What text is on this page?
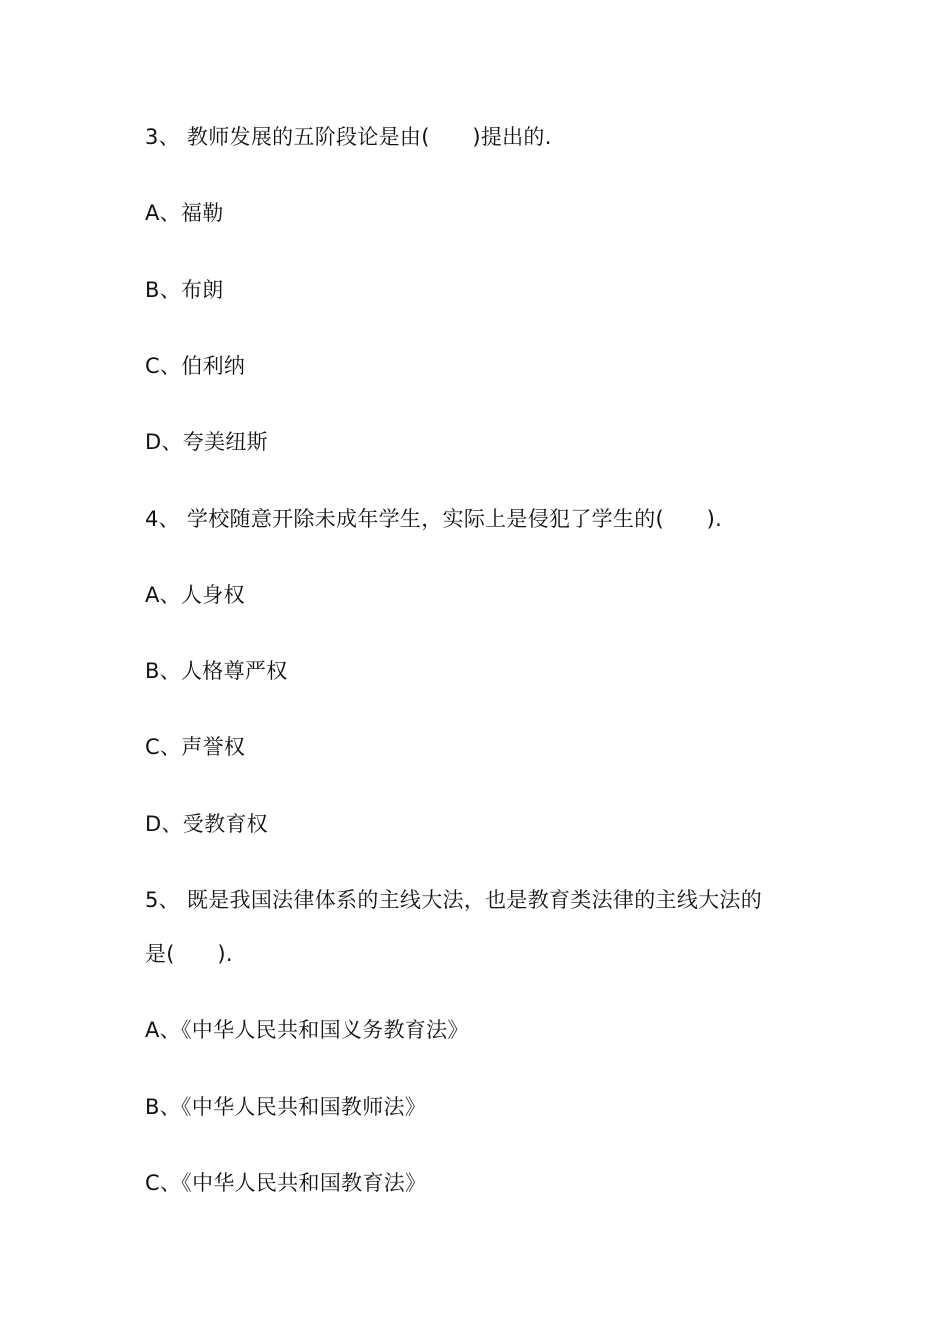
3、 教师发展的五阶段论是由(　　)提出的.
A、福勒
B、布朗
C、伯利纳
D、夸美纽斯
4、 学校随意开除未成年学生，实际上是侵犯了学生的(　　).
A、人身权
B、人格尊严权
C、声誉权
D、受教育权
5、 既是我国法律体系的主线大法，也是教育类法律的主线大法的
是(　　).
A、《中华人民共和国义务教育法》
B、《中华人民共和国教师法》
C、《中华人民共和国教育法》
